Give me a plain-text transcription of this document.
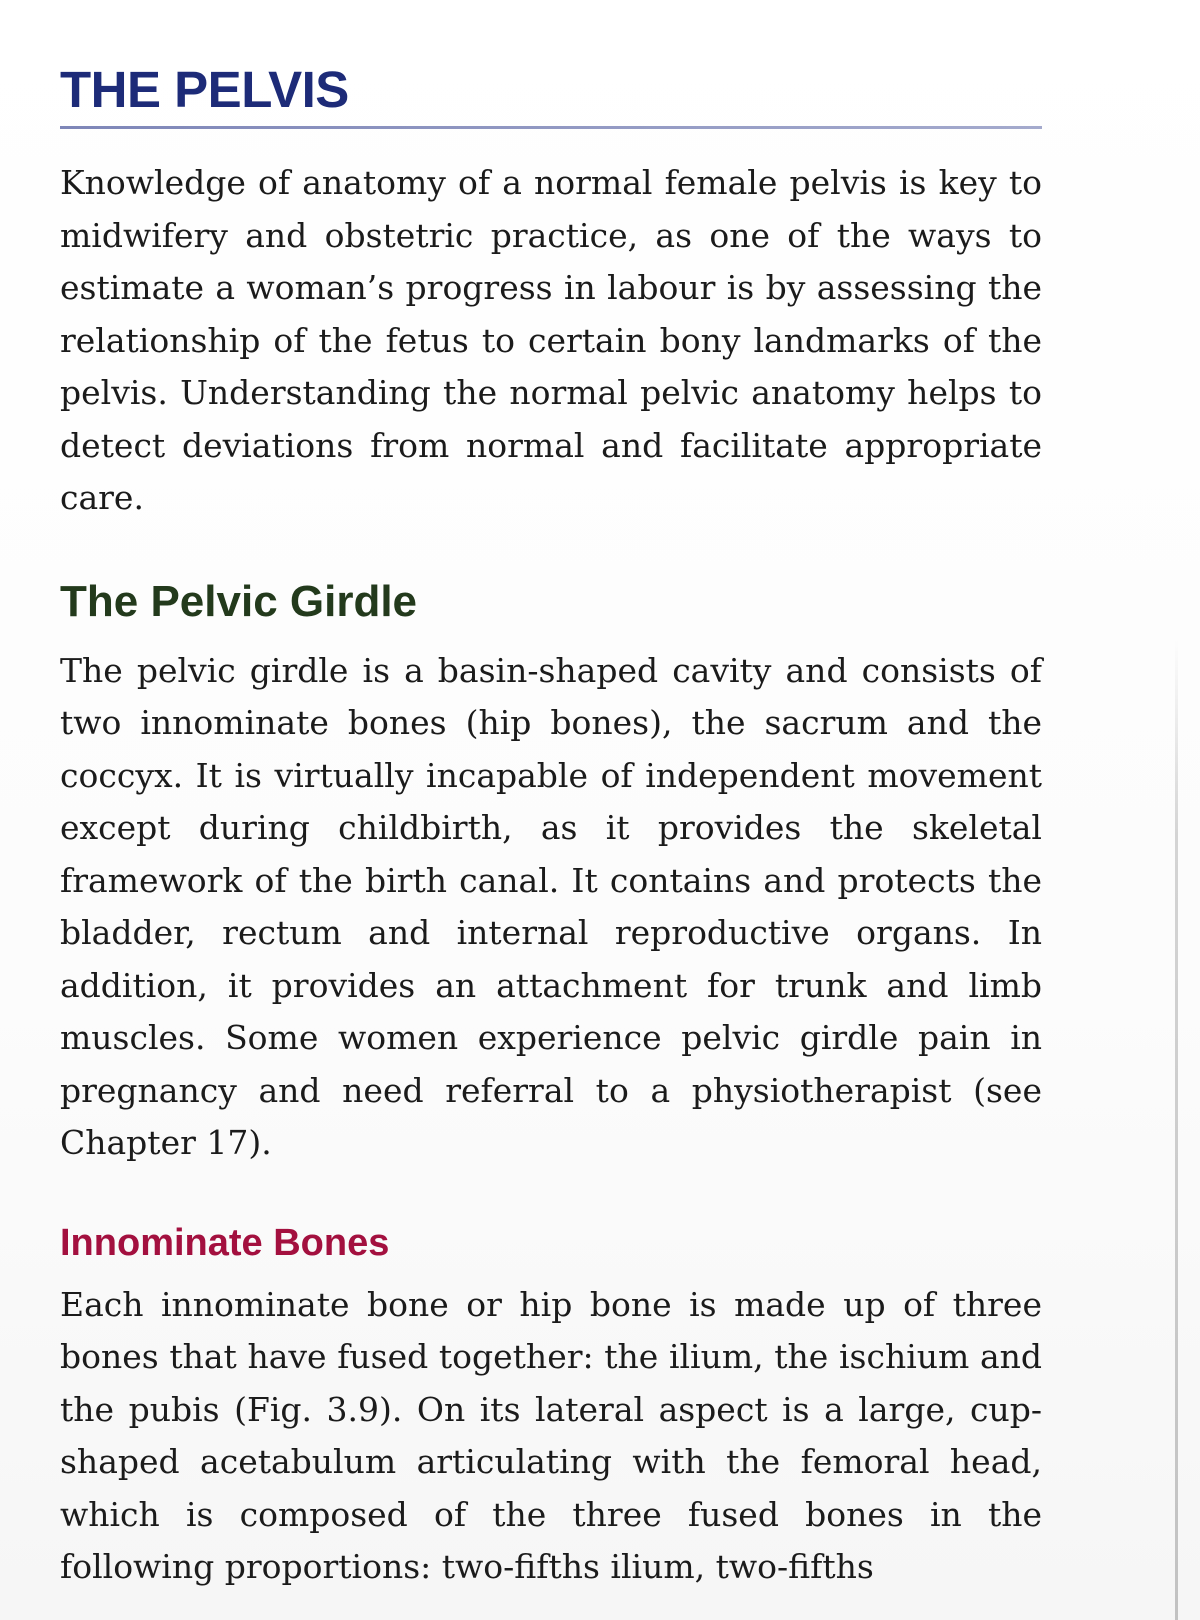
THE PELVIS

Knowledge of anatomy of a normal female pelvis is key to midwifery and obstetric practice, as one of the ways to estimate a woman’s progress in labour is by assessing the relationship of the fetus to certain bony landmarks of the pelvis. Understanding the normal pelvic anatomy helps to detect deviations from normal and facilitate appropriate care.

The Pelvic Girdle

The pelvic girdle is a basin-shaped cavity and consists of two innominate bones (hip bones), the sacrum and the coccyx. It is virtually incapable of independent movement except during childbirth, as it provides the skeletal framework of the birth canal. It contains and protects the bladder, rectum and internal reproductive organs. In addition, it provides an attachment for trunk and limb muscles. Some women experience pelvic girdle pain in pregnancy and need referral to a physiotherapist (see Chapter 17).

Innominate Bones

Each innominate bone or hip bone is made up of three bones that have fused together: the ilium, the ischium and the pubis (Fig. 3.9). On its lateral aspect is a large, cup-shaped acetabulum articulating with the femoral head, which is composed of the three fused bones in the following proportions: two-fifths ilium, two-fifths
